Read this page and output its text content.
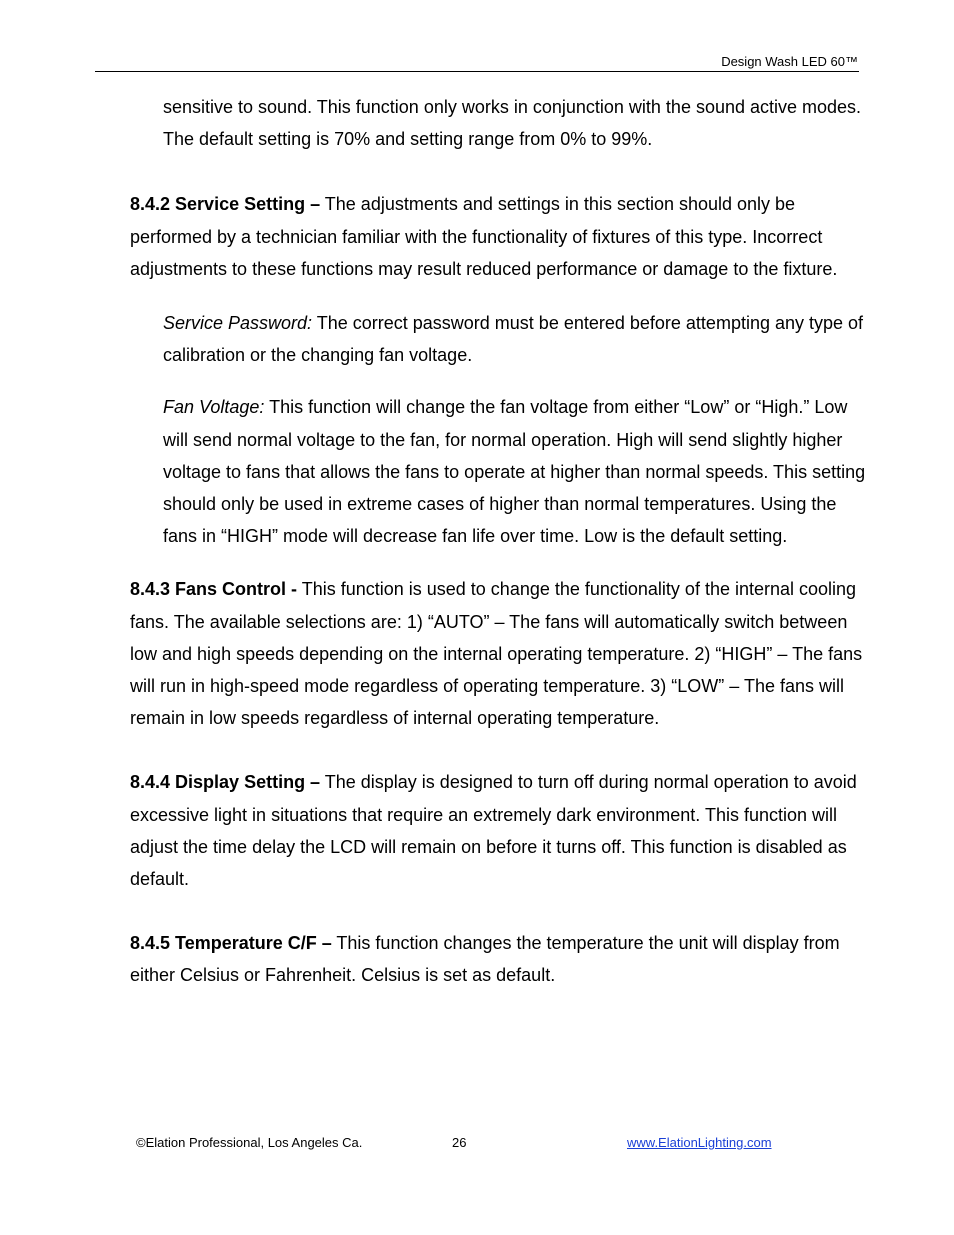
Design Wash LED 60™

sensitive to sound. This function only works in conjunction with the sound active modes. The default setting is 70% and setting range from 0% to 99%.

8.4.2 Service Setting – The adjustments and settings in this section should only be performed by a technician familiar with the functionality of fixtures of this type. Incorrect adjustments to these functions may result reduced performance or damage to the fixture.

Service Password: The correct password must be entered before attempting any type of calibration or the changing fan voltage.

Fan Voltage: This function will change the fan voltage from either “Low” or “High.” Low will send normal voltage to the fan, for normal operation. High will send slightly higher voltage to fans that allows the fans to operate at higher than normal speeds. This setting should only be used in extreme cases of higher than normal temperatures. Using the fans in “HIGH” mode will decrease fan life over time. Low is the default setting.

8.4.3 Fans Control - This function is used to change the functionality of the internal cooling fans. The available selections are: 1) “AUTO” – The fans will automatically switch between low and high speeds depending on the internal operating temperature. 2) “HIGH” – The fans will run in high-speed mode regardless of operating temperature. 3) “LOW” – The fans will remain in low speeds regardless of internal operating temperature.

8.4.4 Display Setting – The display is designed to turn off during normal operation to avoid excessive light in situations that require an extremely dark environment. This function will adjust the time delay the LCD will remain on before it turns off. This function is disabled as default.

8.4.5 Temperature C/F – This function changes the temperature the unit will display from either Celsius or Fahrenheit. Celsius is set as default.

©Elation Professional, Los Angeles Ca.	26	www.ElationLighting.com
